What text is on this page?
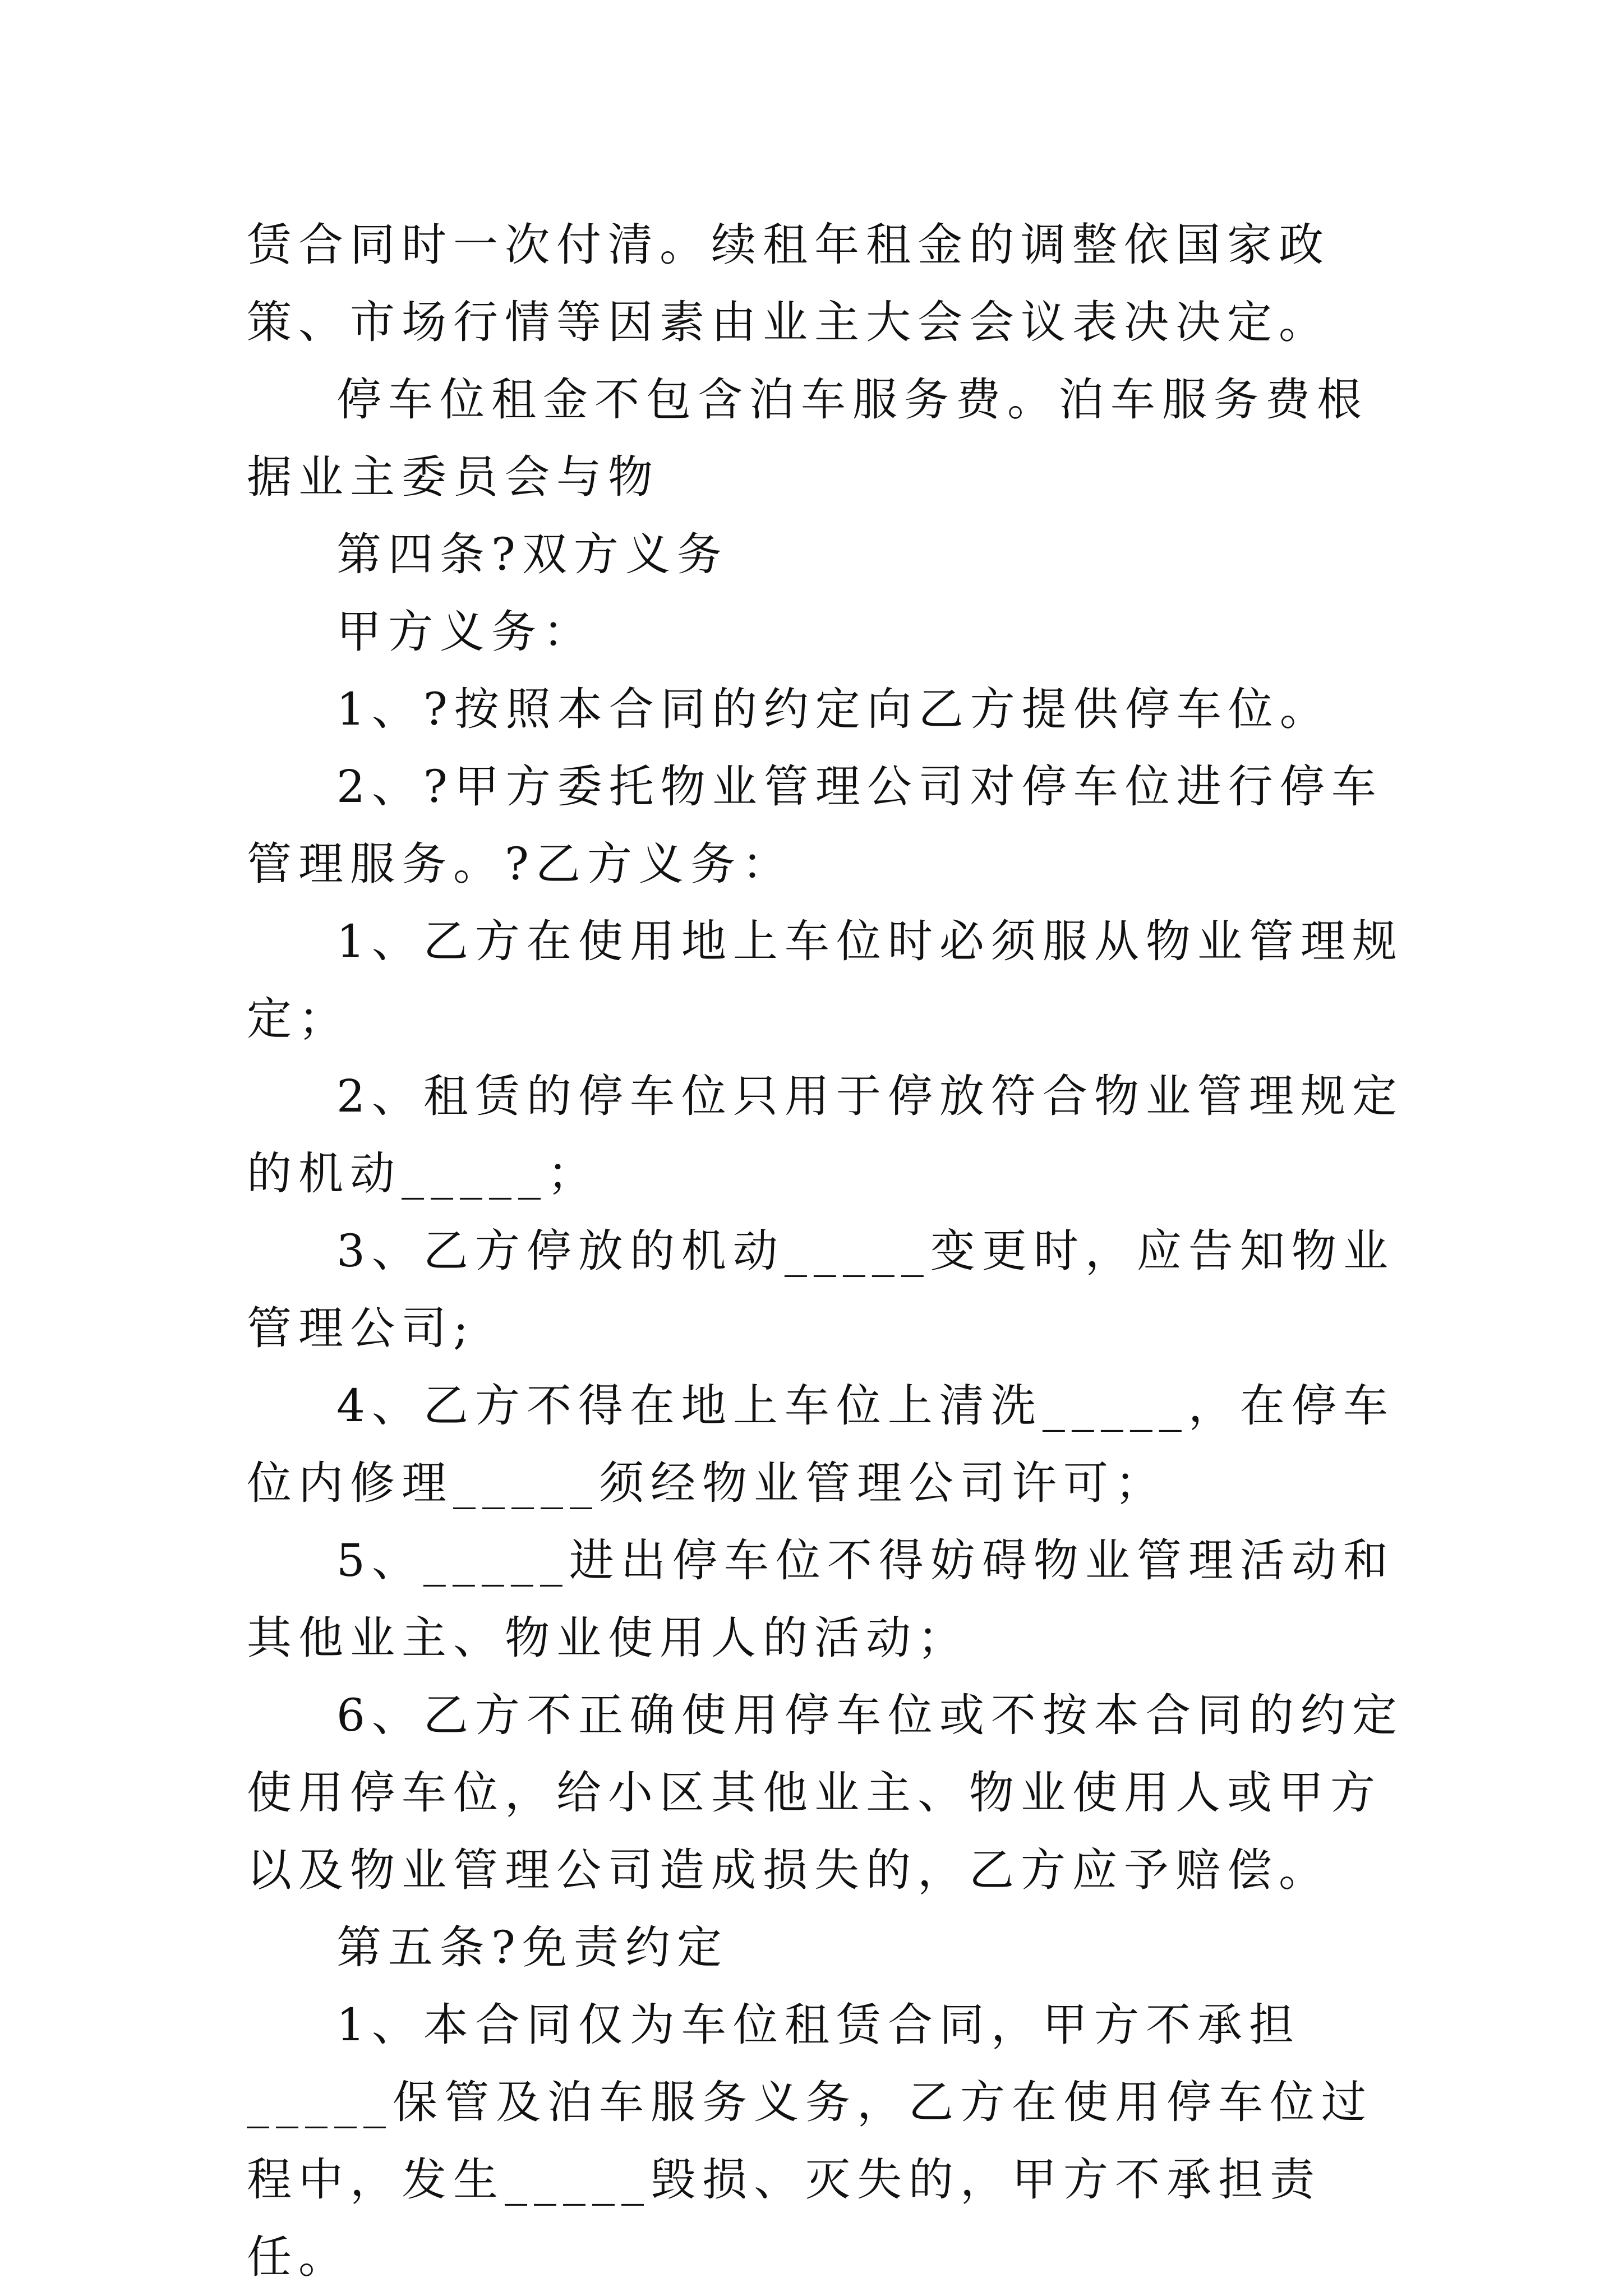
赁合同时一次付清。续租年租金的调整依国家政策、市场行情等因素由业主大会会议表决决定。

停车位租金不包含泊车服务费。泊车服务费根据业主委员会与物

第四条?双方义务

甲方义务：

1、?按照本合同的约定向乙方提供停车位。

2、?甲方委托物业管理公司对停车位进行停车管理服务。?乙方义务：

1、乙方在使用地上车位时必须服从物业管理规定；

2、租赁的停车位只用于停放符合物业管理规定的机动_____；

3、乙方停放的机动_____变更时，应告知物业管理公司;

4、乙方不得在地上车位上清洗_____，在停车位内修理_____须经物业管理公司许可；

5、_____进出停车位不得妨碍物业管理活动和其他业主、物业使用人的活动；

6、乙方不正确使用停车位或不按本合同的约定使用停车位，给小区其他业主、物业使用人或甲方以及物业管理公司造成损失的，乙方应予赔偿。

第五条?免责约定

1、本合同仅为车位租赁合同，甲方不承担_____保管及泊车服务义务，乙方在使用停车位过程中，发生_____毁损、灭失的，甲方不承担责任。
